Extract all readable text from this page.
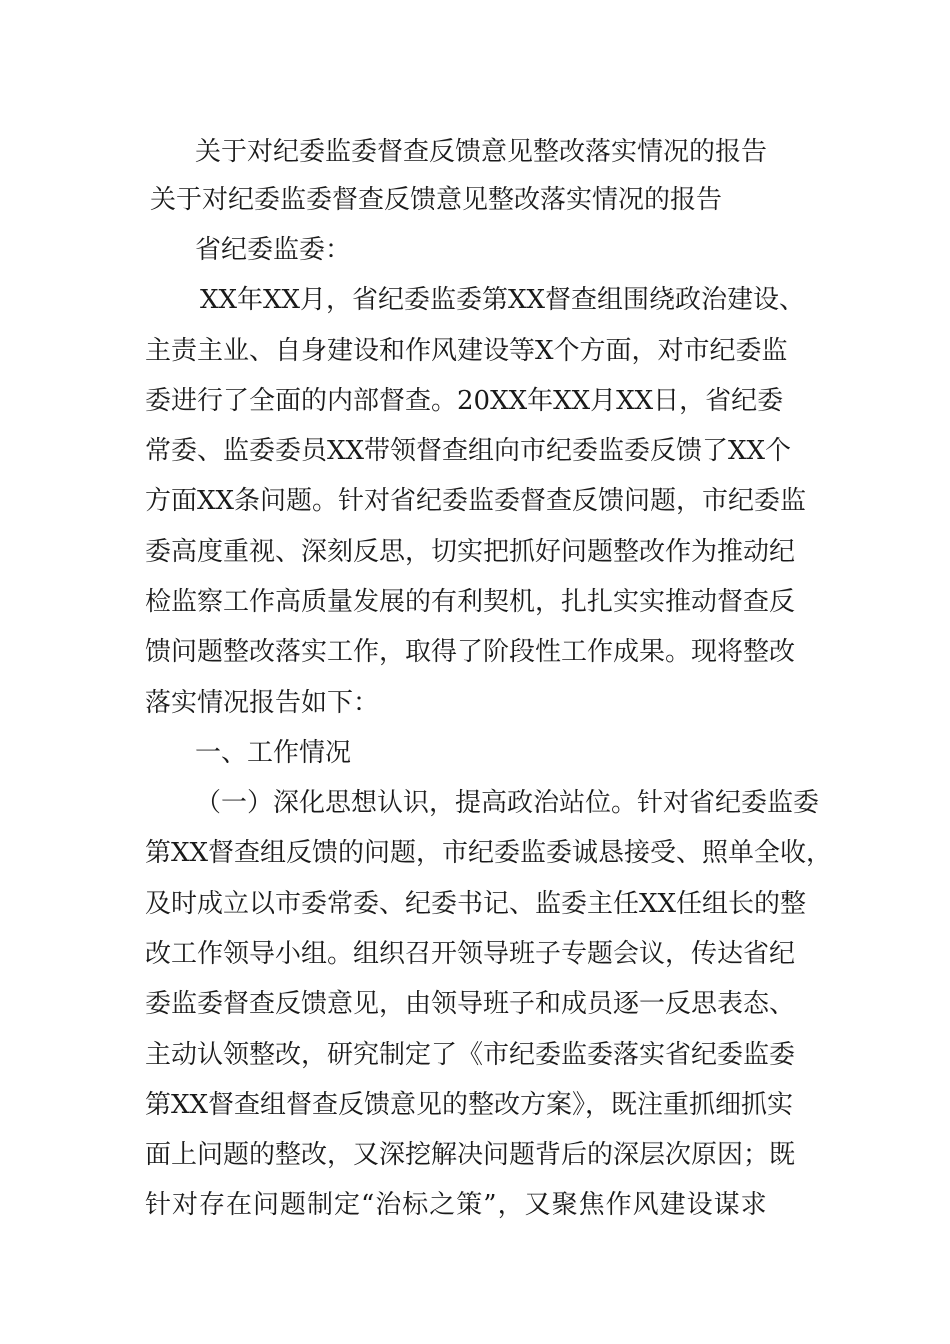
关于对纪委监委督查反馈意见整改落实情况的报告
关于对纪委监委督查反馈意见整改落实情况的报告
省纪委监委：
XX年XX月，省纪委监委第XX督查组围绕政治建设、
主责主业、自身建设和作风建设等X个方面，对市纪委监
委进行了全面的内部督查。20XX年XX月XX日，省纪委
常委、监委委员XX带领督查组向市纪委监委反馈了XX个
方面XX条问题。针对省纪委监委督查反馈问题，市纪委监
委高度重视、深刻反思，切实把抓好问题整改作为推动纪
检监察工作高质量发展的有利契机，扎扎实实推动督查反
馈问题整改落实工作，取得了阶段性工作成果。现将整改
落实情况报告如下：
一、工作情况
（一）深化思想认识，提高政治站位。针对省纪委监委
第XX督查组反馈的问题，市纪委监委诚恳接受、照单全收，
及时成立以市委常委、纪委书记、监委主任XX任组长的整
改工作领导小组。组织召开领导班子专题会议，传达省纪
委监委督查反馈意见，由领导班子和成员逐一反思表态、
主动认领整改，研究制定了《市纪委监委落实省纪委监委
第XX督查组督查反馈意见的整改方案》，既注重抓细抓实
面上问题的整改，又深挖解决问题背后的深层次原因；既
针对存在问题制定“治标之策”，又聚焦作风建设谋求
